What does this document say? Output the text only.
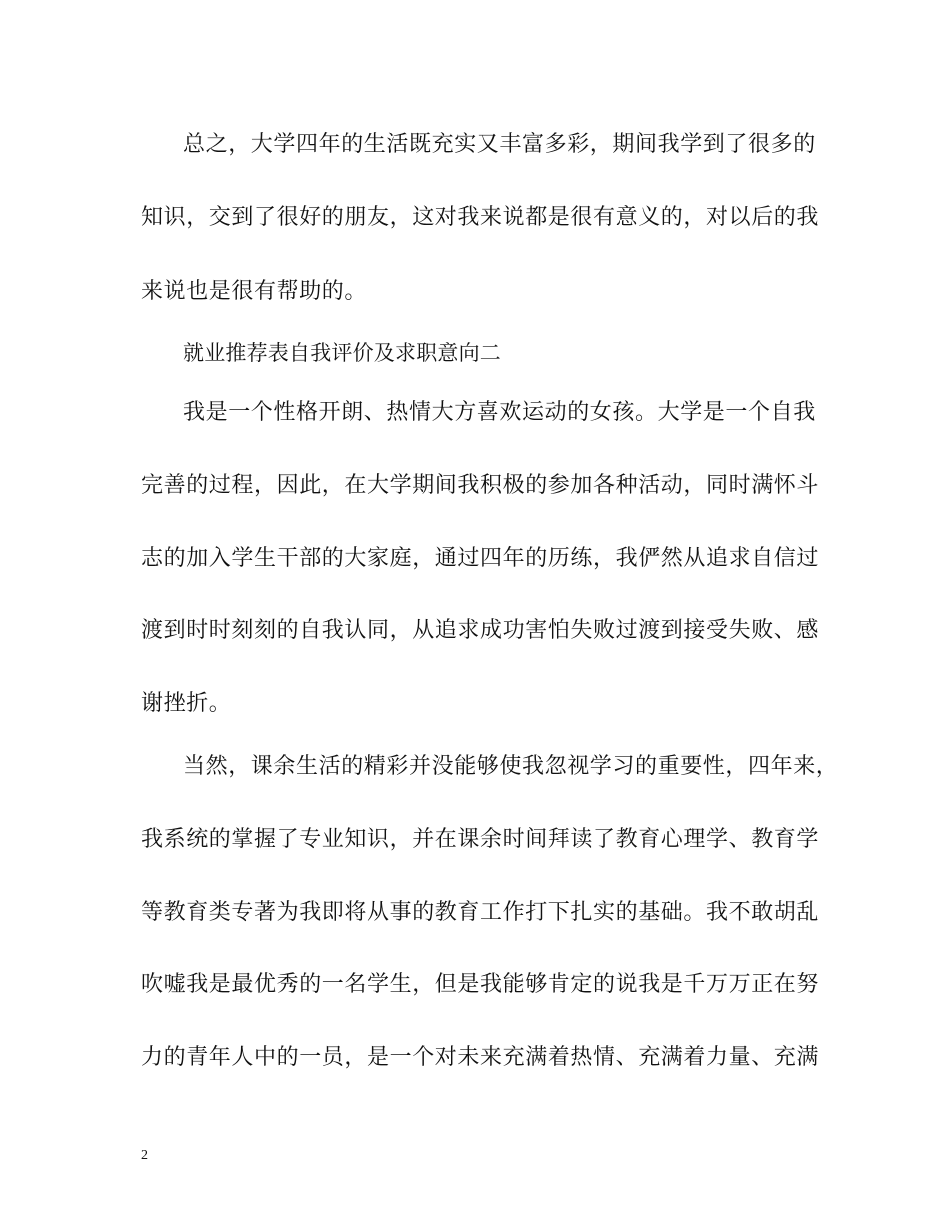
总之，大学四年的生活既充实又丰富多彩，期间我学到了很多的
知识，交到了很好的朋友，这对我来说都是很有意义的，对以后的我
来说也是很有帮助的。
就业推荐表自我评价及求职意向二
我是一个性格开朗、热情大方喜欢运动的女孩。大学是一个自我
完善的过程，因此，在大学期间我积极的参加各种活动，同时满怀斗
志的加入学生干部的大家庭，通过四年的历练，我俨然从追求自信过
渡到时时刻刻的自我认同，从追求成功害怕失败过渡到接受失败、感
谢挫折。
当然，课余生活的精彩并没能够使我忽视学习的重要性，四年来，
我系统的掌握了专业知识，并在课余时间拜读了教育心理学、教育学
等教育类专著为我即将从事的教育工作打下扎实的基础。我不敢胡乱
吹嘘我是最优秀的一名学生，但是我能够肯定的说我是千万万正在努
力的青年人中的一员，是一个对未来充满着热情、充满着力量、充满
2
